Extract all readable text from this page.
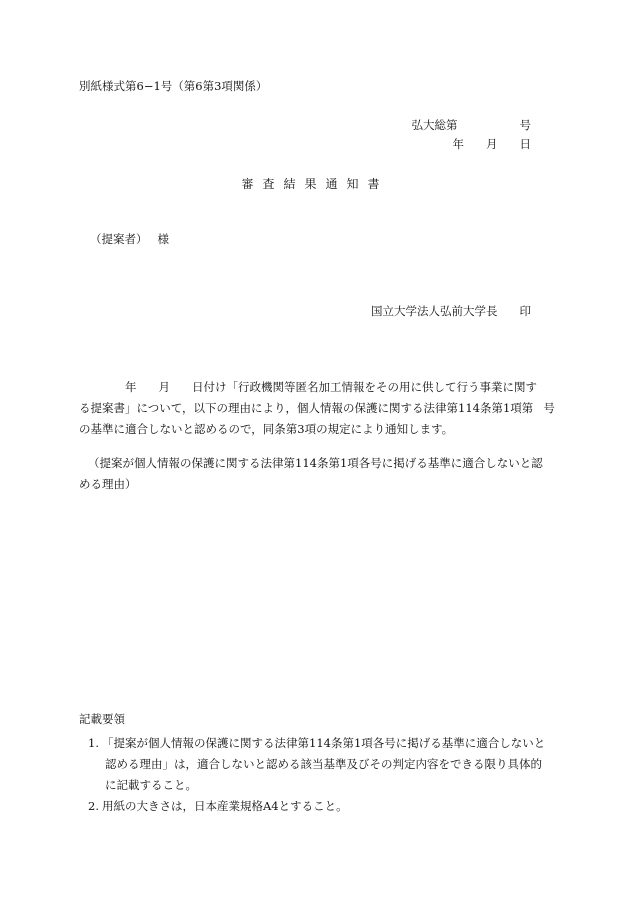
別紙様式第6−1号（第6第3項関係）
弘大総第	号
年 月 日
審査結果通知書
（提案者） 様
国立大学法人弘前大学長 印
年 月 日付け「行政機関等匿名加工情報をその用に供して行う事業に関す
る提案書」について，以下の理由により，個人情報の保護に関する法律第114条第1項第 号
の基準に適合しないと認めるので，同条第3項の規定により通知します。
（提案が個人情報の保護に関する法律第114条第1項各号に掲げる基準に適合しないと認
める理由）
記載要領
1. 「提案が個人情報の保護に関する法律第114条第1項各号に掲げる基準に適合しないと
認める理由」は，適合しないと認める該当基準及びその判定内容をできる限り具体的
に記載すること。
2. 用紙の大きさは，日本産業規格A4とすること。
